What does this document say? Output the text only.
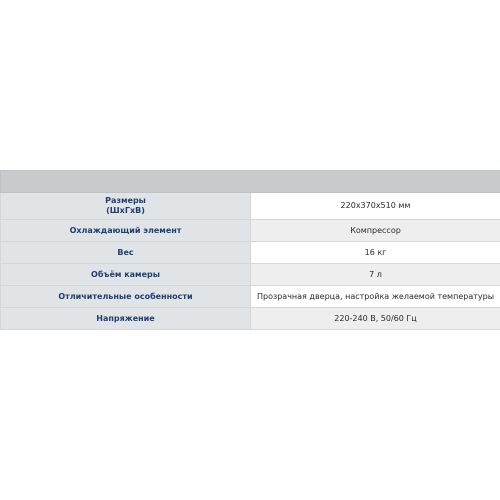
Размеры
(ШхГхВ)	220х370х510 мм
Охлаждающий элемент	Компрессор
Вес	16 кг
Объём камеры	7 л
Отличительные особенности	Прозрачная дверца, настройка желаемой температуры
Напряжение	220-240 В, 50/60 Гц
